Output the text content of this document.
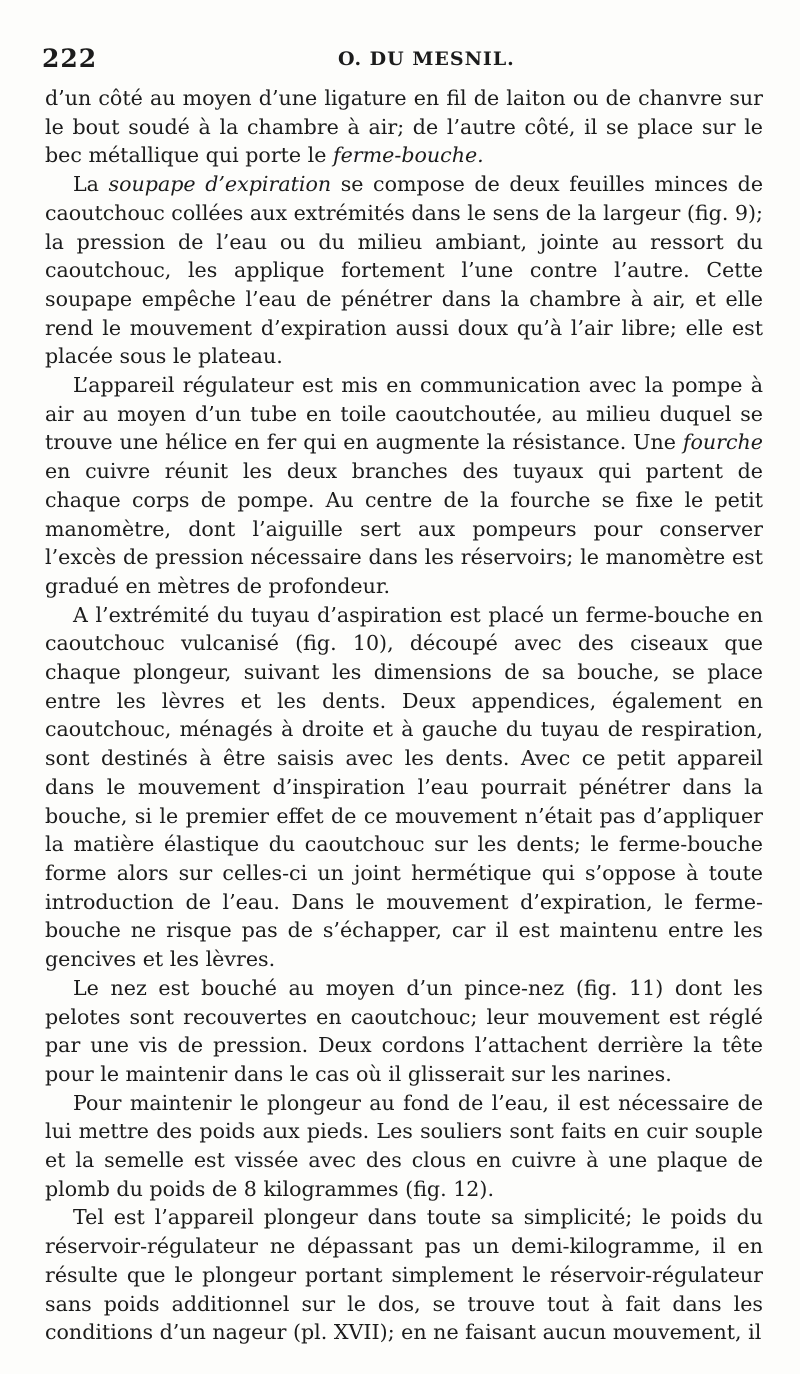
222	O. DU MESNIL.

d’un côté au moyen d’une ligature en fil de laiton ou de chanvre sur le bout soudé à la chambre à air; de l’autre côté, il se place sur le bec métallique qui porte le ferme-bouche.

La soupape d’expiration se compose de deux feuilles minces de caoutchouc collées aux extrémités dans le sens de la largeur (fig. 9); la pression de l’eau ou du milieu ambiant, jointe au ressort du caoutchouc, les applique fortement l’une contre l’autre. Cette soupape empêche l’eau de pénétrer dans la chambre à air, et elle rend le mouvement d’expiration aussi doux qu’à l’air libre; elle est placée sous le plateau.

L’appareil régulateur est mis en communication avec la pompe à air au moyen d’un tube en toile caoutchoutée, au milieu duquel se trouve une hélice en fer qui en augmente la résistance. Une fourche en cuivre réunit les deux branches des tuyaux qui partent de chaque corps de pompe. Au centre de la fourche se fixe le petit manomètre, dont l’aiguille sert aux pompeurs pour conserver l’excès de pression nécessaire dans les réservoirs; le manomètre est gradué en mètres de profondeur.

A l’extrémité du tuyau d’aspiration est placé un ferme-bouche en caoutchouc vulcanisé (fig. 10), découpé avec des ciseaux que chaque plongeur, suivant les dimensions de sa bouche, se place entre les lèvres et les dents. Deux appendices, également en caoutchouc, ménagés à droite et à gauche du tuyau de respiration, sont destinés à être saisis avec les dents. Avec ce petit appareil dans le mouvement d’inspiration l’eau pourrait pénétrer dans la bouche, si le premier effet de ce mouvement n’était pas d’appliquer la matière élastique du caoutchouc sur les dents; le ferme-bouche forme alors sur celles-ci un joint hermétique qui s’oppose à toute introduction de l’eau. Dans le mouvement d’expiration, le ferme-bouche ne risque pas de s’échapper, car il est maintenu entre les gencives et les lèvres.

Le nez est bouché au moyen d’un pince-nez (fig. 11) dont les pelotes sont recouvertes en caoutchouc; leur mouvement est réglé par une vis de pression. Deux cordons l’attachent derrière la tête pour le maintenir dans le cas où il glisserait sur les narines.

Pour maintenir le plongeur au fond de l’eau, il est nécessaire de lui mettre des poids aux pieds. Les souliers sont faits en cuir souple et la semelle est vissée avec des clous en cuivre à une plaque de plomb du poids de 8 kilogrammes (fig. 12).

Tel est l’appareil plongeur dans toute sa simplicité; le poids du réservoir-régulateur ne dépassant pas un demi-kilogramme, il en résulte que le plongeur portant simplement le réservoir-régulateur sans poids additionnel sur le dos, se trouve tout à fait dans les conditions d’un nageur (pl. XVII); en ne faisant aucun mouvement, il
